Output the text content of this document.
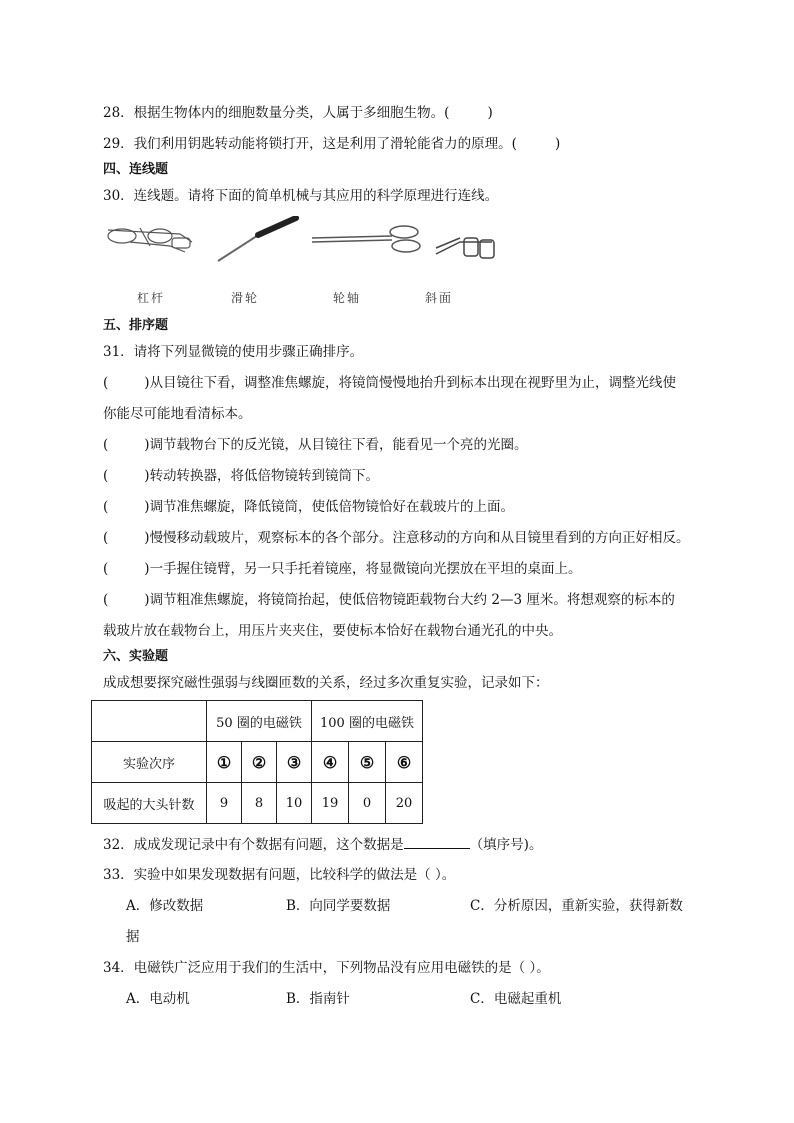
28．根据生物体内的细胞数量分类，人属于多细胞生物。(	)
29．我们利用钥匙转动能将锁打开，这是利用了滑轮能省力的原理。(	)
四、连线题
30．连线题。请将下面的简单机械与其应用的科学原理进行连线。
杠杆	滑轮	轮轴	斜面
五、排序题
31．请将下列显微镜的使用步骤正确排序。
(	)从目镜往下看，调整准焦螺旋，将镜筒慢慢地抬升到标本出现在视野里为止，调整光线使
你能尽可能地看清标本。
(	)调节载物台下的反光镜，从目镜往下看，能看见一个亮的光圈。
(	)转动转换器，将低倍物镜转到镜筒下。
(	)调节准焦螺旋，降低镜筒，使低倍物镜恰好在载玻片的上面。
(	)慢慢移动载玻片，观察标本的各个部分。注意移动的方向和从目镜里看到的方向正好相反。
(	)一手握住镜臂，另一只手托着镜座，将显微镜向光摆放在平坦的桌面上。
(	)调节粗准焦螺旋，将镜筒抬起，使低倍物镜距载物台大约 2—3 厘米。将想观察的标本的
载玻片放在载物台上，用压片夹夹住，要使标本恰好在载物台通光孔的中央。
六、实验题
成成想要探究磁性强弱与线圈匝数的关系，经过多次重复实验，记录如下：
	50 圈的电磁铁			100 圈的电磁铁		
实验次序	①	②	③	④	⑤	⑥
吸起的大头针数	9	8	10	19	0	20
32．成成发现记录中有个数据有问题，这个数据是	（填序号)。
33．实验中如果发现数据有问题，比较科学的做法是（ ）。
A．修改数据	B．向同学要数据	C．分析原因，重新实验，获得新数
据
34．电磁铁广泛应用于我们的生活中，下列物品没有应用电磁铁的是（ ）。
A．电动机	B．指南针	C．电磁起重机
